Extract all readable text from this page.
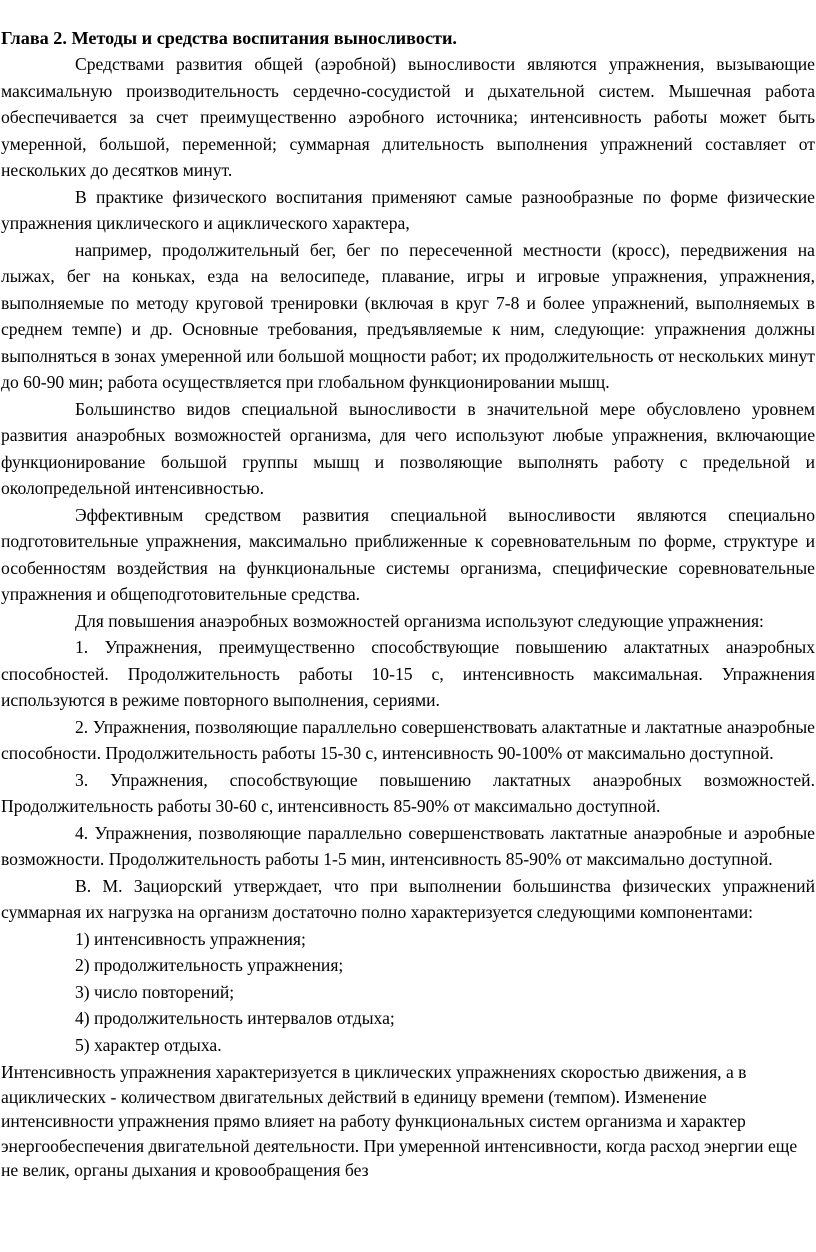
Глава 2. Методы и средства воспитания выносливости.

Средствами развития общей (аэробной) выносливости являются упражнения, вызывающие максимальную производительность сердечно-сосудистой и дыхательной систем. Мышечная работа обеспечивается за счет преимущественно аэробного источника; интенсивность работы может быть умеренной, большой, переменной; суммарная длительность выполнения упражнений составляет от нескольких до десятков минут.

В практике физического воспитания применяют самые разнообразные по форме физические упражнения циклического и ациклического характера,

например, продолжительный бег, бег по пересеченной местности (кросс), передвижения на лыжах, бег на коньках, езда на велосипеде, плавание, игры и игровые упражнения, упражнения, выполняемые по методу круговой тренировки (включая в круг 7-8 и более упражнений, выполняемых в среднем темпе) и др. Основные требования, предъявляемые к ним, следующие: упражнения должны выполняться в зонах умеренной или большой мощности работ; их продолжительность от нескольких минут до 60-90 мин; работа осуществляется при глобальном функционировании мышц.

Большинство видов специальной выносливости в значительной мере обусловлено уровнем развития анаэробных возможностей организма, для чего используют любые упражнения, включающие функционирование большой группы мышц и позволяющие выполнять работу с предельной и околопредельной интенсивностью.

Эффективным средством развития специальной выносливости являются специально подготовительные упражнения, максимально приближенные к соревновательным по форме, структуре и особенностям воздействия на функциональные системы организма, специфические соревновательные упражнения и общеподготовительные средства.

Для повышения анаэробных возможностей организма используют следующие упражнения:

1. Упражнения, преимущественно способствующие повышению алактатных анаэробных способностей. Продолжительность работы 10-15 с, интенсивность максимальная. Упражнения используются в режиме повторного выполнения, сериями.

2. Упражнения, позволяющие параллельно совершенствовать алактатные и лактатные анаэробные способности. Продолжительность работы 15-30 с, интенсивность 90-100% от максимально доступной.

3. Упражнения, способствующие повышению лактатных анаэробных возможностей. Продолжительность работы 30-60 с, интенсивность 85-90% от максимально доступной.

4. Упражнения, позволяющие параллельно совершенствовать лактатные анаэробные и аэробные возможности. Продолжительность работы 1-5 мин, интенсивность 85-90% от максимально доступной.

В. М. Зациорский утверждает, что при выполнении большинства физических упражнений суммарная их нагрузка на организм достаточно полно характеризуется следующими компонентами:

1) интенсивность упражнения;

2) продолжительность упражнения;

3) число повторений;

4) продолжительность интервалов отдыха;

5) характер отдыха.

Интенсивность упражнения характеризуется в циклических упражнениях скоростью движения, а в ациклических - количеством двигательных действий в единицу времени (темпом). Изменение интенсивности упражнения прямо влияет на работу функциональных систем организма и характер энергообеспечения двигательной деятельности. При умеренной интенсивности, когда расход энергии еще не велик, органы дыхания и кровообращения без
